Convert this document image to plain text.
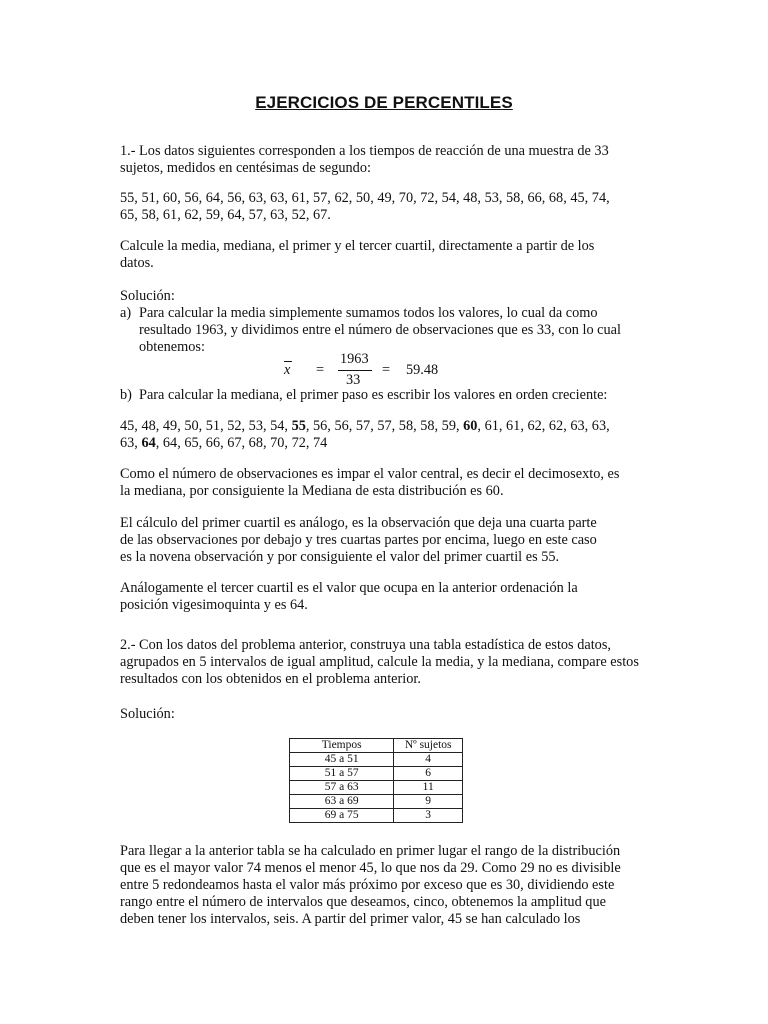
EJERCICIOS DE PERCENTILES

1.- Los datos siguientes corresponden a los tiempos de reacción de una muestra de 33 sujetos, medidos en centésimas de segundo:

55, 51, 60, 56, 64, 56, 63, 63, 61, 57, 62, 50, 49, 70, 72, 54, 48, 53, 58, 66, 68, 45, 74,
65, 58, 61, 62, 59, 64, 57, 63, 52, 67.

Calcule la media, mediana, el primer y el tercer cuartil, directamente a partir de los datos.

Solución:

a) Para calcular la media simplemente sumamos todos los valores, lo cual da como resultado 1963, y dividimos entre el número de observaciones que es 33, con lo cual obtenemos:
x =
1963
33
= 59.48
b) Para calcular la mediana, el primer paso es escribir los valores en orden creciente:

45, 48, 49, 50, 51, 52, 53, 54, 55, 56, 56, 57, 57, 58, 58, 59, 60, 61, 61, 62, 62, 63, 63,
63, 64, 64, 65, 66, 67, 68, 70, 72, 74

Como el número de observaciones es impar el valor central, es decir el decimosexto, es la mediana, por consiguiente la Mediana de esta distribución es 60.

El cálculo del primer cuartil es análogo, es la observación que deja una cuarta parte de las observaciones por debajo y tres cuartas partes por encima, luego en este caso es la novena observación y por consiguiente el valor del primer cuartil es 55.

Análogamente el tercer cuartil es el valor que ocupa en la anterior ordenación la posición vigesimoquinta y es 64.

2.- Con los datos del problema anterior, construya una tabla estadística de estos datos, agrupados en 5 intervalos de igual amplitud, calcule la media, y la mediana, compare estos resultados con los obtenidos en el problema anterior.

Solución:

Tiempos	Nº sujetos
45 a 51	4
51 a 57	6
57 a 63	11
63 a 69	9
69 a 75	3

Para llegar a la anterior tabla se ha calculado en primer lugar el rango de la distribución que es el mayor valor 74 menos el menor 45, lo que nos da 29. Como 29 no es divisible entre 5 redondeamos hasta el valor más próximo por exceso que es 30, dividiendo este rango entre el número de intervalos que deseamos, cinco, obtenemos la amplitud que deben tener los intervalos, seis. A partir del primer valor, 45 se han calculado los
